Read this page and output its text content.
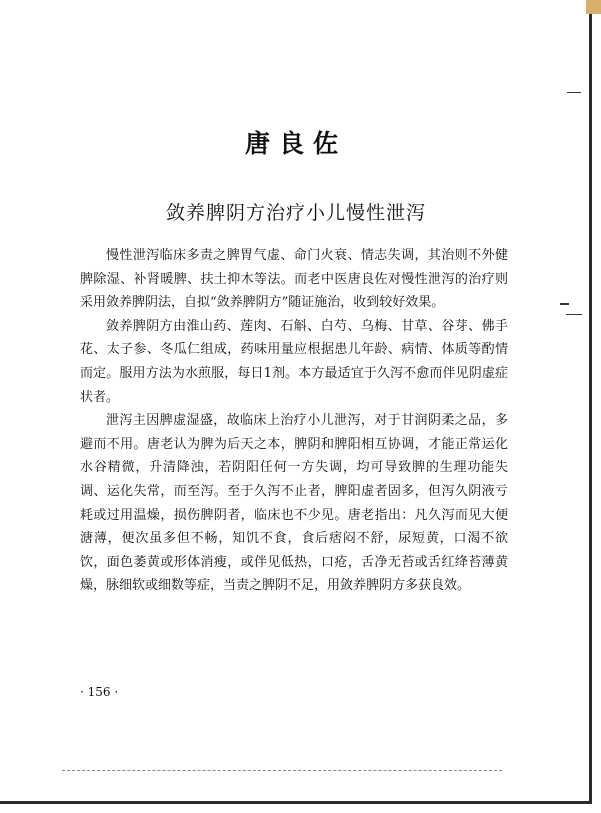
唐良佐
敛养脾阴方治疗小儿慢性泄泻

慢性泄泻临床多责之脾胃气虚、命门火衰、情志失调，其治则不外健脾除湿、补肾暖脾、扶土抑木等法。而老中医唐良佐对慢性泄泻的治疗则采用敛养脾阴法，自拟“敛养脾阴方”随证施治，收到较好效果。

敛养脾阴方由淮山药、莲肉、石斛、白芍、乌梅、甘草、谷芽、佛手花、太子参、冬瓜仁组成，药味用量应根据患儿年龄、病情、体质等酌情而定。服用方法为水煎服，每日1剂。本方最适宜于久泻不愈而伴见阴虚症状者。

泄泻主因脾虚湿盛，故临床上治疗小儿泄泻，对于甘润阴柔之品，多避而不用。唐老认为脾为后天之本，脾阴和脾阳相互协调，才能正常运化水谷精微，升清降浊，若阴阳任何一方失调，均可导致脾的生理功能失调、运化失常，而至泻。至于久泻不止者，脾阳虚者固多，但泻久阴液亏耗或过用温燥，损伤脾阴者，临床也不少见。唐老指出：凡久泻而见大便溏薄，便次虽多但不畅，知饥不食，食后痞闷不舒，尿短黄，口渴不欲饮，面色萎黄或形体消瘦，或伴见低热，口疮，舌净无苔或舌红绛苔薄黄燥，脉细软或细数等症，当责之脾阴不足，用敛养脾阴方多获良效。

· 156 ·
